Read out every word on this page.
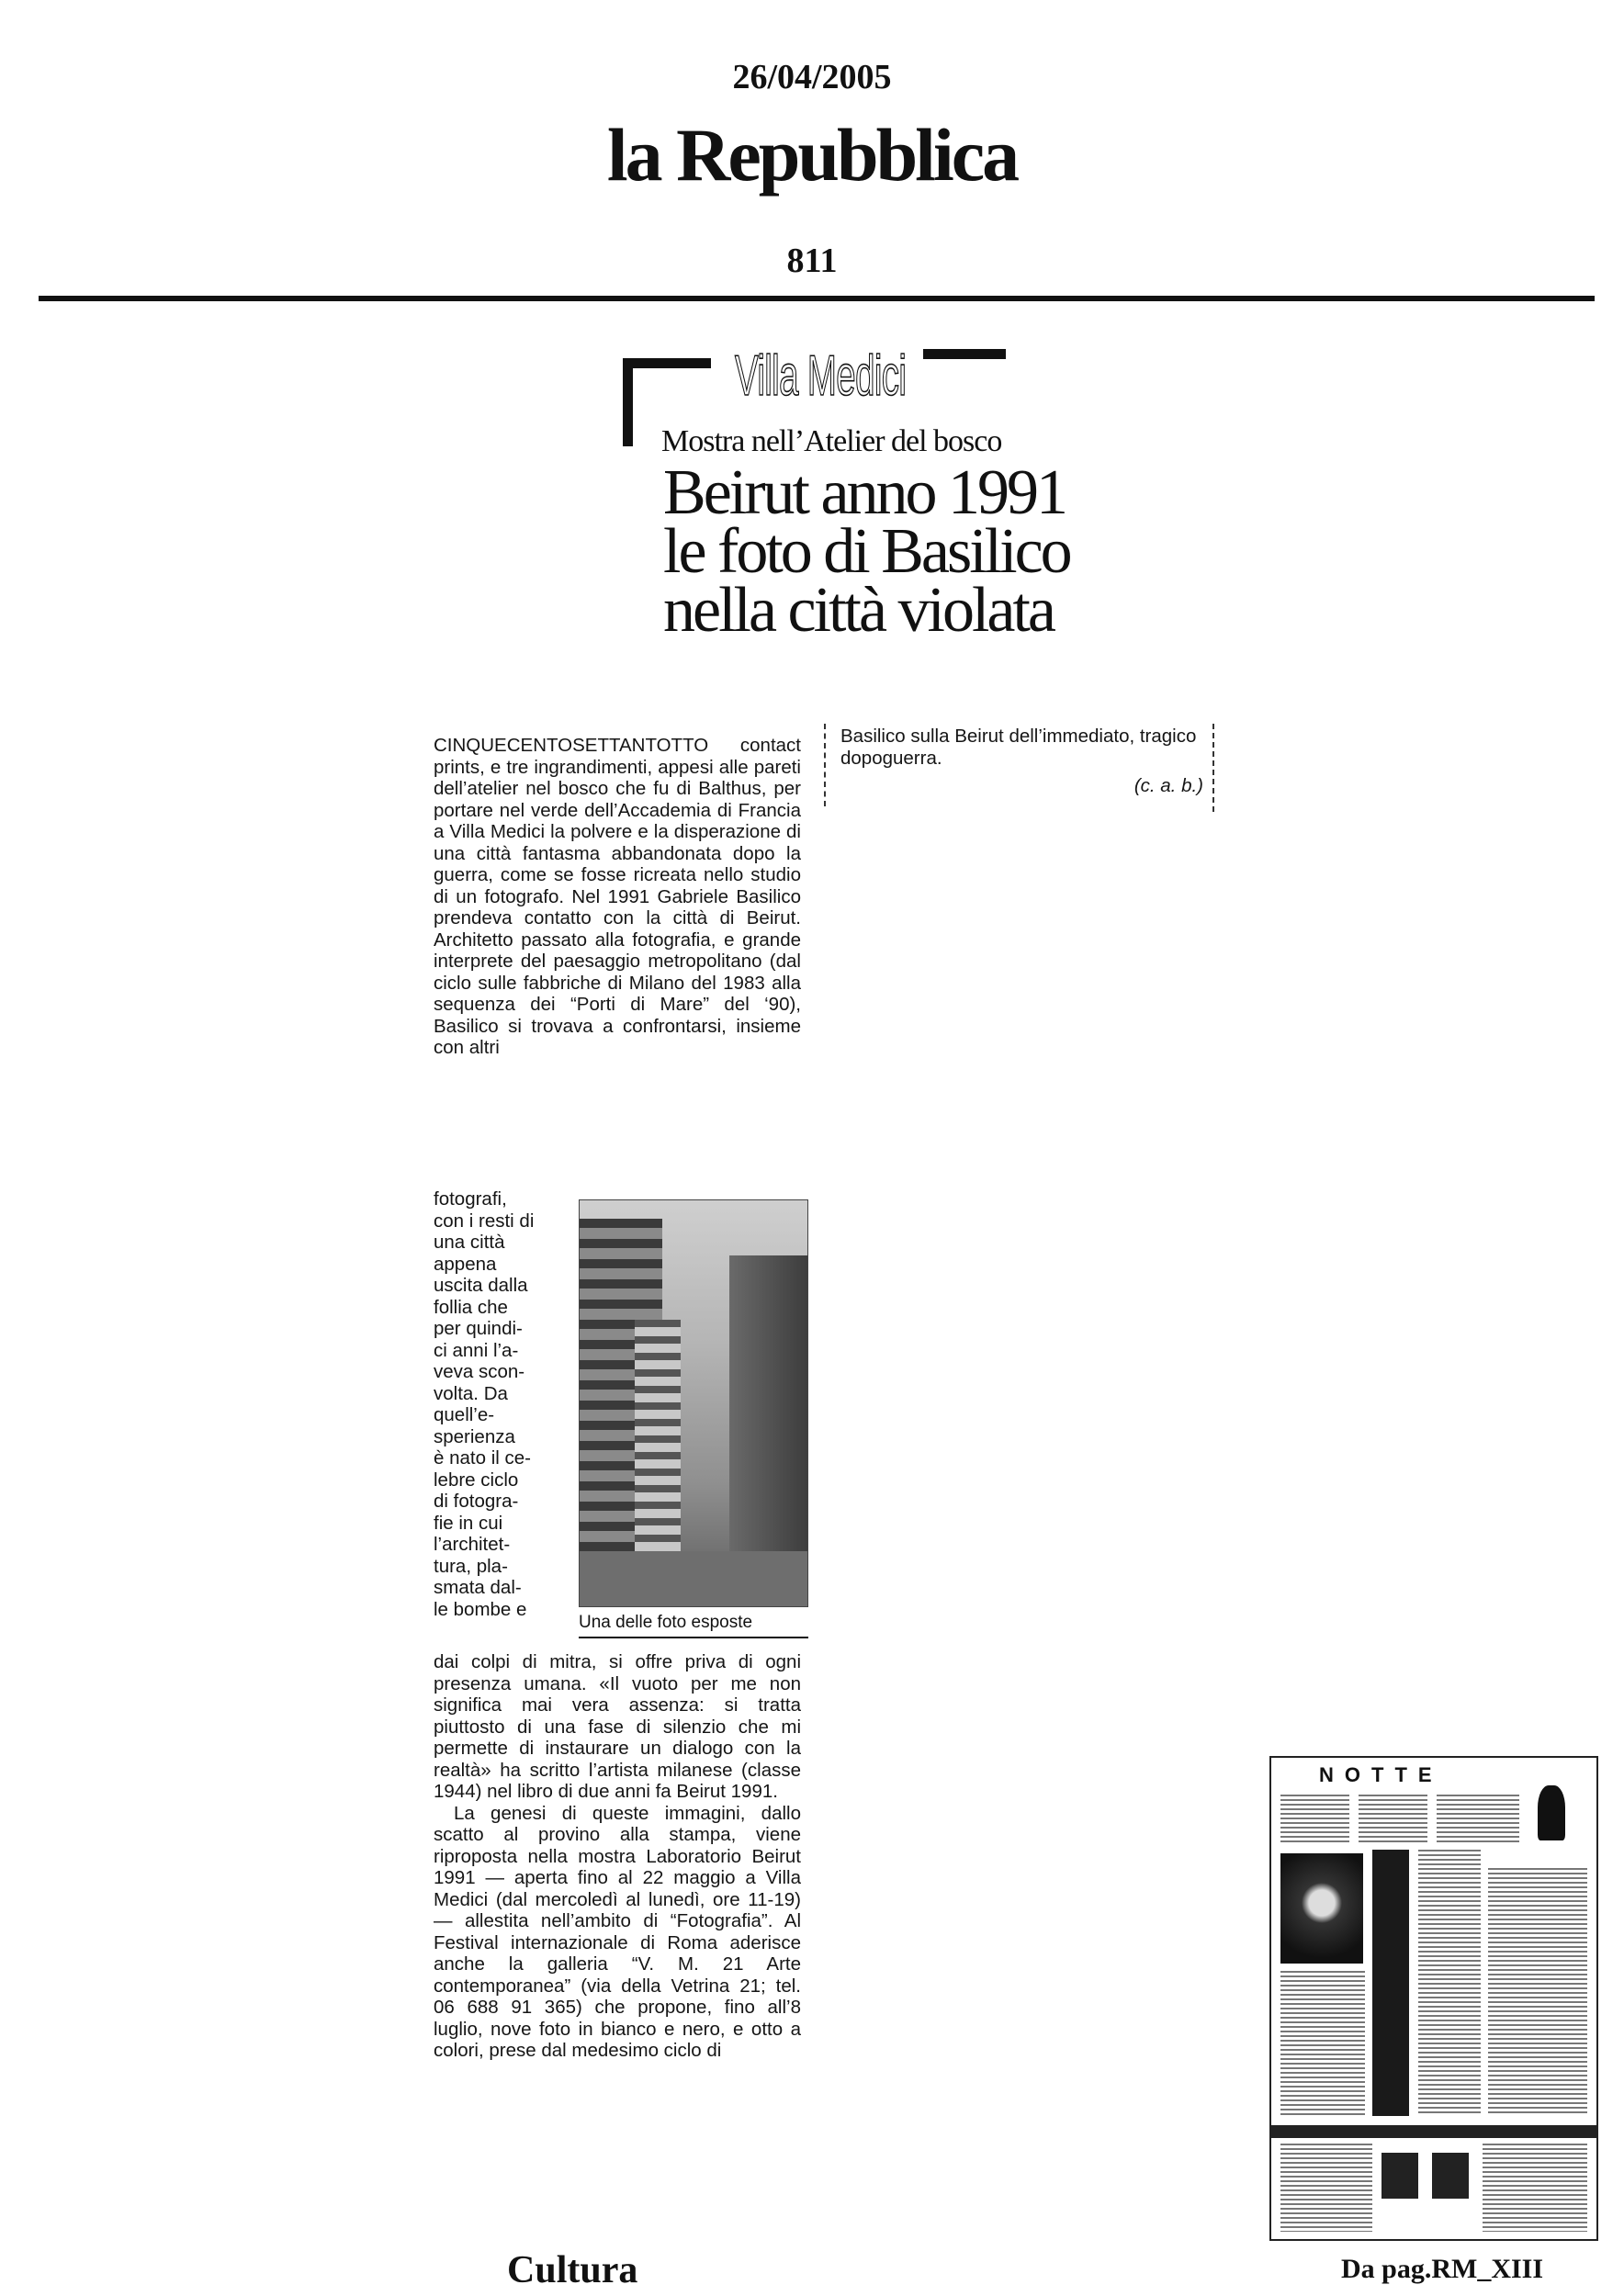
26/04/2005
la Repubblica
811
Villa Medici
Mostra nell’Atelier del bosco
Beirut anno 1991
le foto di Basilico
nella città violata
CINQUECENTOSETTANTOTTO contact prints, e tre ingrandimenti, appesi alle pareti dell’atelier nel bosco che fu di Balthus, per portare nel verde dell’Accademia di Francia a Villa Medici la polvere e la disperazione di una città fantasma abbandonata dopo la guerra, come se fosse ricreata nello studio di un fotografo. Nel 1991 Gabriele Basilico prendeva contatto con la città di Beirut. Architetto passato alla fotografia, e grande interprete del paesaggio metropolitano (dal ciclo sulle fabbriche di Milano del 1983 alla sequenza dei “Porti di Mare” del ‘90), Basilico si trovava a confrontarsi, insieme con altri
fotografi,
con i resti di
una città
appena
uscita dalla
follia che
per quindi-
ci anni l’a-
veva scon-
volta. Da
quell’e-
sperienza
è nato il ce-
lebre ciclo
di fotogra-
fie in cui
l’architet-
tura, pla-
smata dal-
le bombe e
Una delle foto esposte
dai colpi di mitra, si offre priva di ogni presenza umana. «Il vuoto per me non significa mai vera assenza: si tratta piuttosto di una fase di silenzio che mi permette di instaurare un dialogo con la realtà» ha scritto l’artista milanese (classe 1944) nel libro di due anni fa Beirut 1991.
La genesi di queste immagini, dallo scatto al provino alla stampa, viene riproposta nella mostra Laboratorio Beirut 1991 — aperta fino al 22 maggio a Villa Medici (dal mercoledì al lunedì, ore 11-19) — allestita nell’ambito di “Fotografia”. Al Festival internazionale di Roma aderisce anche la galleria “V. M. 21 Arte contemporanea” (via della Vetrina 21; tel. 06 688 91 365) che propone, fino all’8 luglio, nove foto in bianco e nero, e otto a colori, prese dal medesimo ciclo di
Basilico sulla Beirut dell’immediato, tragico dopoguerra.
(c. a. b.)
Cultura	Da pag.RM_XIII
NOTTE
